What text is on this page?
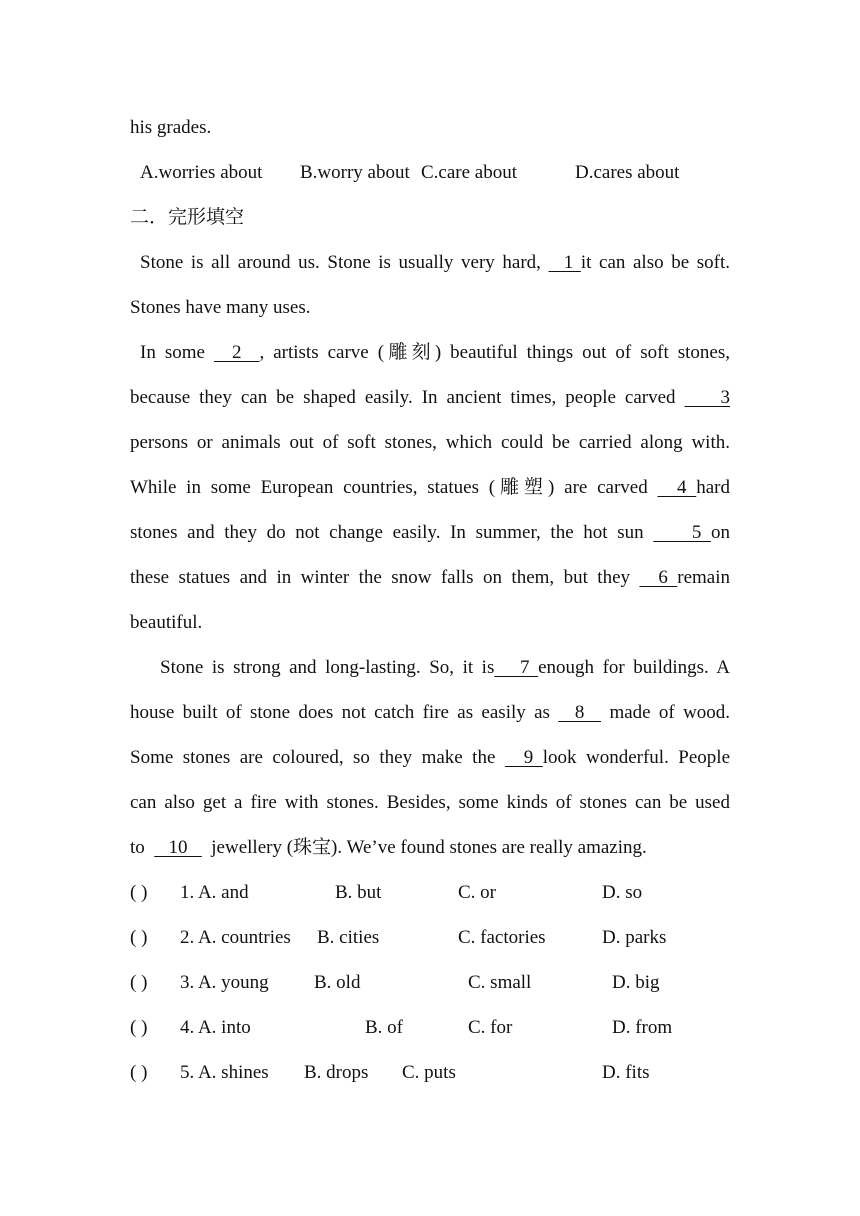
his grades.
A.worries about B.worry about C.care about	D.cares about
二．完形填空
Stone is all around us. Stone is usually very hard,   1 it can also be soft.
Stones have many uses.
In some   2  , artists carve (雕刻) beautiful things out of soft stones,
because they can be shaped easily. In ancient times, people carved     3
persons or animals out of soft stones, which could be carried along with.
While in some European countries, statues (雕塑) are carved   4 hard
stones and they do not change easily. In summer, the hot sun     5 on
these statues and in winter the snow falls on them, but they   6 remain
beautiful.
Stone is strong and long-lasting. So, it is   7 enough for buildings. A
house built of stone does not catch fire as easily as   8   made of wood.
Some stones are coloured, so they make the   9 look wonderful. People
can also get a fire with stones. Besides, some kinds of stones can be used
to     10     jewellery (珠宝). We’ve found stones are really amazing.
( ) 1. A. and	B. but	C. or	D. so
( ) 2. A. countries B. cities	C. factories	D. parks
( ) 3. A. young B. old	C. small	D. big
( ) 4. A. into	B. of	C. for	D. from
( ) 5. A. shines B. drops C. puts	D. fits
